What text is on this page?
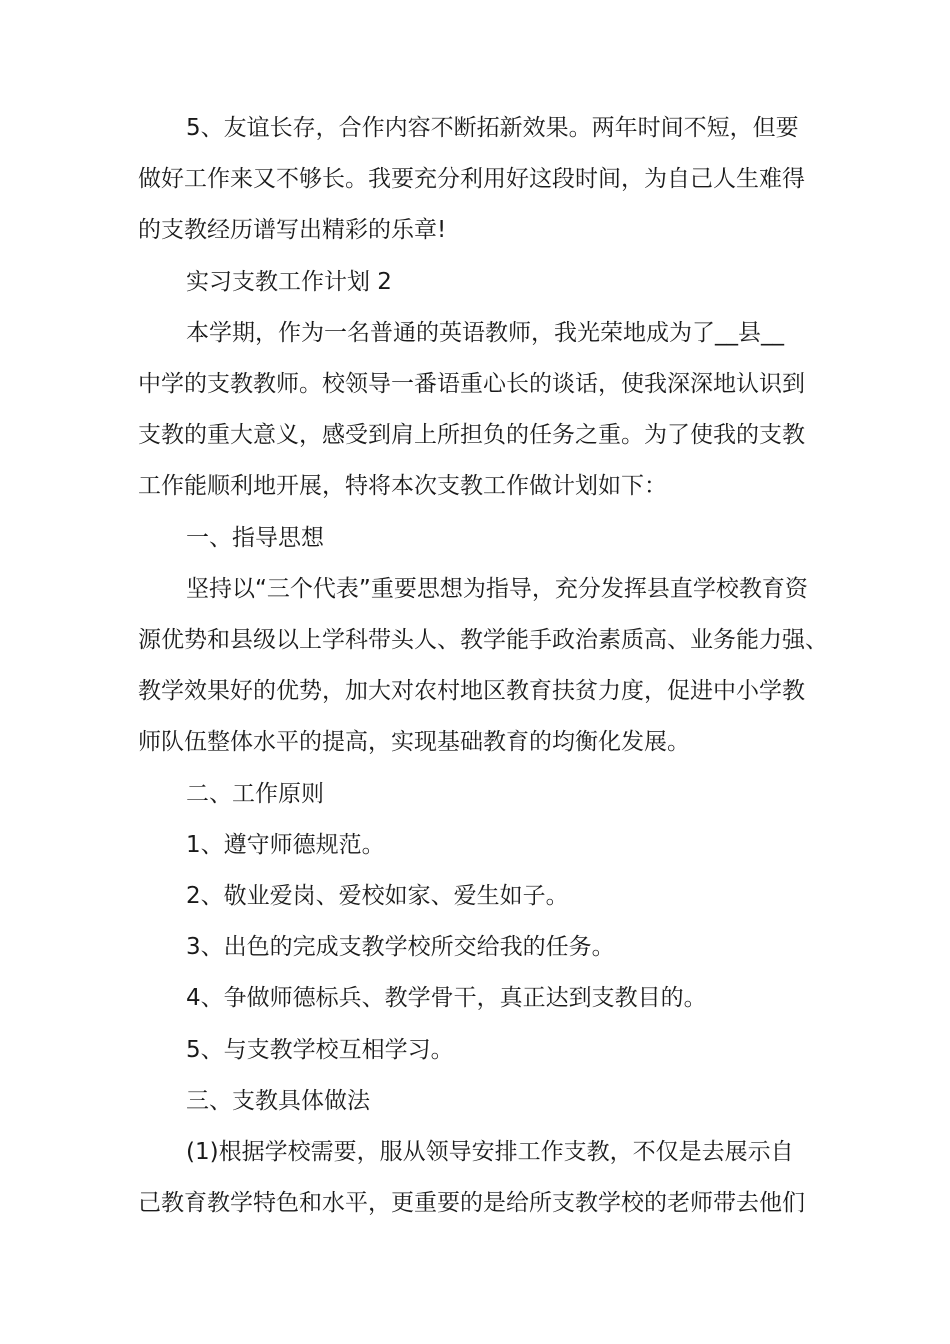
5、友谊长存，合作内容不断拓新效果。两年时间不短，但要

做好工作来又不够长。我要充分利用好这段时间，为自己人生难得

的支教经历谱写出精彩的乐章!

实习支教工作计划 2

本学期，作为一名普通的英语教师，我光荣地成为了__县__

中学的支教教师。校领导一番语重心长的谈话，使我深深地认识到

支教的重大意义，感受到肩上所担负的任务之重。为了使我的支教

工作能顺利地开展，特将本次支教工作做计划如下：

一、指导思想

坚持以“三个代表”重要思想为指导，充分发挥县直学校教育资

源优势和县级以上学科带头人、教学能手政治素质高、业务能力强、

教学效果好的优势，加大对农村地区教育扶贫力度，促进中小学教

师队伍整体水平的提高，实现基础教育的均衡化发展。

二、工作原则

1、遵守师德规范。

2、敬业爱岗、爱校如家、爱生如子。

3、出色的完成支教学校所交给我的任务。

4、争做师德标兵、教学骨干，真正达到支教目的。

5、与支教学校互相学习。

三、支教具体做法

(1)根据学校需要，服从领导安排工作支教，不仅是去展示自

己教育教学特色和水平，更重要的是给所支教学校的老师带去他们
